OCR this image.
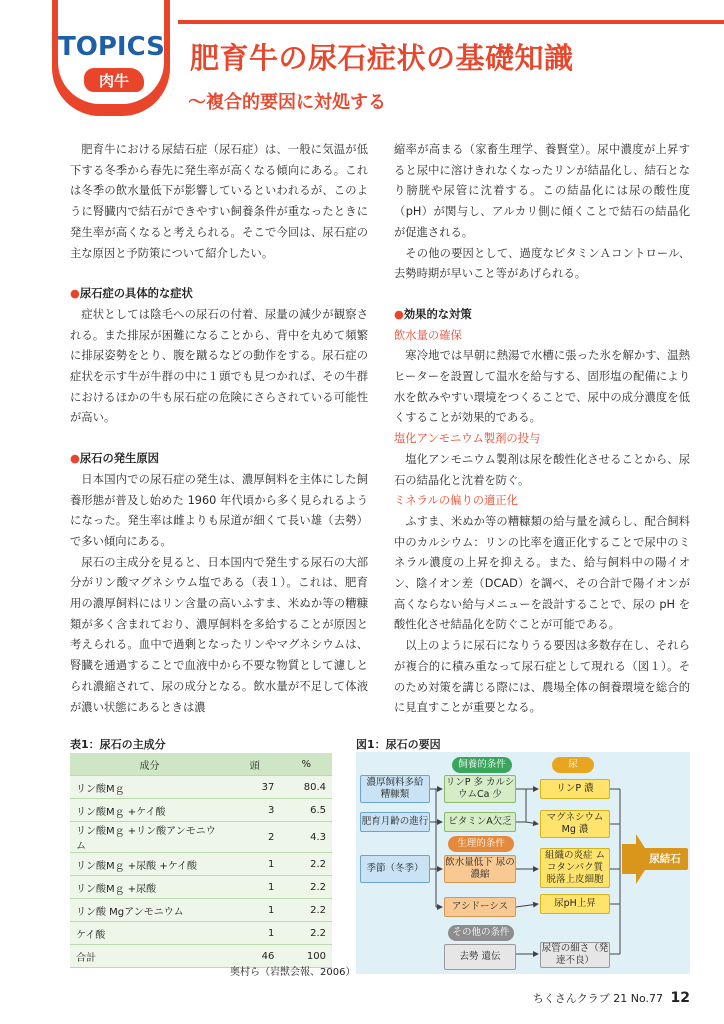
TOPICS
肉牛
肥育牛の尿石症状の基礎知識
～複合的要因に対処する

肥育牛における尿結石症（尿石症）は、一般に気温が低下する冬季から春先に発生率が高くなる傾向にある。これは冬季の飲水量低下が影響しているといわれるが、このように腎臓内で結石ができやすい飼養条件が重なったときに発生率が高くなると考えられる。そこで今回は、尿石症の主な原因と予防策について紹介したい。

●尿石症の具体的な症状

症状としては陰毛への尿石の付着、尿量の減少が観察される。また排尿が困難になることから、背中を丸めて頻繁に排尿姿勢をとり、腹を蹴るなどの動作をする。尿石症の症状を示す牛が牛群の中に１頭でも見つかれば、その牛群におけるほかの牛も尿石症の危険にさらされている可能性が高い。

●尿石の発生原因

日本国内での尿石症の発生は、濃厚飼料を主体にした飼養形態が普及し始めた 1960 年代頃から多く見られるようになった。発生率は雌よりも尿道が細くて長い雄（去勢）で多い傾向にある。

尿石の主成分を見ると、日本国内で発生する尿石の大部分がリン酸マグネシウム塩である（表１）。これは、肥育用の濃厚飼料にはリン含量の高いふすま、米ぬか等の糟糠類が多く含まれており、濃厚飼料を多給することが原因と考えられる。血中で過剰となったリンやマグネシウムは、腎臓を通過することで血液中から不要な物質として濾しとられ濃縮されて、尿の成分となる。飲水量が不足して体液が濃い状態にあるときは濃

縮率が高まる（家畜生理学、養賢堂）。尿中濃度が上昇すると尿中に溶けきれなくなったリンが結晶化し、結石となり膀胱や尿管に沈着する。この結晶化には尿の酸性度（pH）が関与し、アルカリ側に傾くことで結石の結晶化が促進される。

その他の要因として、過度なビタミンＡコントロール、去勢時期が早いこと等があげられる。

●効果的な対策

飲水量の確保

寒冷地では早朝に熱湯で水槽に張った氷を解かす、温熱ヒーターを設置して温水を給与する、固形塩の配備により水を飲みやすい環境をつくることで、尿中の成分濃度を低くすることが効果的である。

塩化アンモニウム製剤の投与

塩化アンモニウム製剤は尿を酸性化させることから、尿石の結晶化と沈着を防ぐ。

ミネラルの偏りの適正化

ふすま、米ぬか等の糟糠類の給与量を減らし、配合飼料中のカルシウム：リンの比率を適正化することで尿中のミネラル濃度の上昇を抑える。また、給与飼料中の陽イオン、陰イオン差（DCAD）を調べ、その合計で陽イオンが高くならない給与メニューを設計することで、尿の pH を酸性化させ結晶化を防ぐことが可能である。

以上のように尿石になりうる要因は多数存在し、それらが複合的に積み重なって尿石症として現れる（図１）。そのため対策を講じる際には、農場全体の飼養環境を総合的に見直すことが重要となる。

表1：尿石の主成分
成分	頭	%
リン酸Mｇ	37	80.4
リン酸Mｇ +ケイ酸	3	6.5
リン酸Mｇ +リン酸アンモニウム	2	4.3
リン酸Mｇ +尿酸 +ケイ酸	1	2.2
リン酸Mｇ +尿酸	1	2.2
リン酸 Mgアンモニウム	1	2.2
ケイ酸	1	2.2
合計	46	100
奥村ら（岩獣会報、2006）
図1：尿石の要因
飼養的条件	尿
生理的条件
その他の条件
濃厚飼料多給 糟糠類
肥育月齢の進行
季節（冬季）
リンP 多 カルシウムCa 少
ビタミンA欠乏
飲水量低下 尿の濃縮
アシドーシス
去勢 遺伝
リンP 濃
マグネシウム Mg 濃
組織の炎症 ムコタンパク質 脱落上皮細胞
尿pH上昇
尿管の細さ（発達不良）
尿結石
ちくさんクラブ 21 No.77 12
